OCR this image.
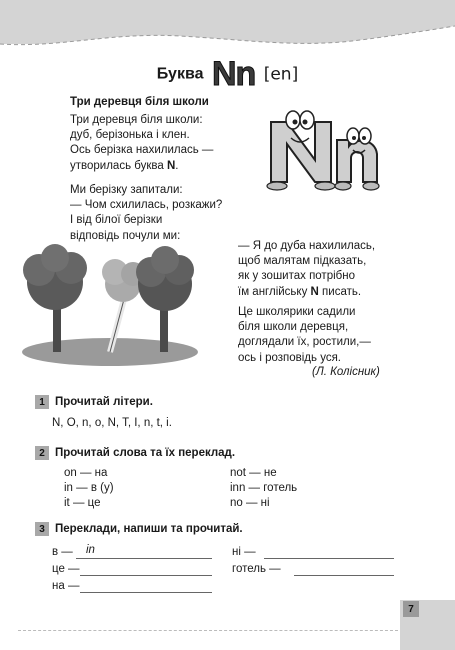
Буква Nn [en]
Три деревця біля школи
Три деревця біля школи:
дуб, берізонька і клен.
Ось берізка нахилилась —
утворилась буква N.
Ми берізку запитали:
— Чом схилилась, розкажи?
І від білої берізки
відповідь почули ми:
— Я до дуба нахилилась,
щоб малятам підказать,
як у зошитах потрібно
їм англійську N писать.
Це школярики садили
біля школи деревця,
доглядали їх, ростили,—
ось і розповідь уся.
(Л. Колісник)
1 Прочитай літери.
N, O, n, o, N, T, I, n, t, i.
2 Прочитай слова та їх переклад.
on — на
in — в (у)
it — це
not — не
inn — готель
no — ні
3 Переклади, напиши та прочитай.
в — in
це —
на —
ні —
готель —
7
